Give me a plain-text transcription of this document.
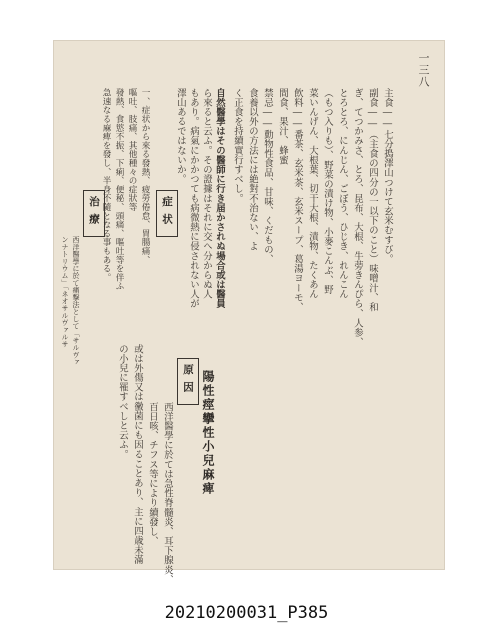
一三八
主食――七分搗澤山つけて玄米むすび。
副食――（主食の四分の一以下のこと）味噌汁、和
ぎ、てつかみさ、とろ、昆布、大根、牛蒡きんぴら、人参、
とろとろ、にんじん、ごぼう、ひじき、れんこん
（もつ入りも）、野菜の漬け物、小麥こんぶ、野
菜いんげん、大根葉、切干大根、漬物、たくあん
飲料――番茶、玄米茶、玄米スープ、葛湯ヨーモ、
間食、果汁、蜂蜜
禁忌――動物性食品、甘味、くだもの、
食養以外の方法には絶對不治ない、よ
く正食を持續實行すべし。
陽性痙攣性小兒麻痺
原因
西洋醫學に於ては急性脊髓炎、耳下腺炎、
百日咳、チフス等により續發し、
或は外傷又は黴菌にも因ることあり、主に四歳未滿
の小兒に罹すべしと云ふ。
自然醫學はその醫師に行き届かされぬ場合或は醫員
ら來ると云ふ。その證據はそれに交へ分からぬ人
もあり。病氣にかかつても病微熱に侵されない人が
澤山あるではないか。
症状
一、症状から來る發熱、疲勞倦怠、胃腸痛、
嘔吐、肢痛、其他種々の症狀等
發熱、食慾不振、下痢、便秘、頭痛、嘔吐等を伴ふ
急速なる麻痺を發し、半身不隨となる事もある。
治療
西洋醫學に於て痛撃法として「サルヴァ
ンナトリウム」「ネオサルヴァルサ
20210200031_P385
